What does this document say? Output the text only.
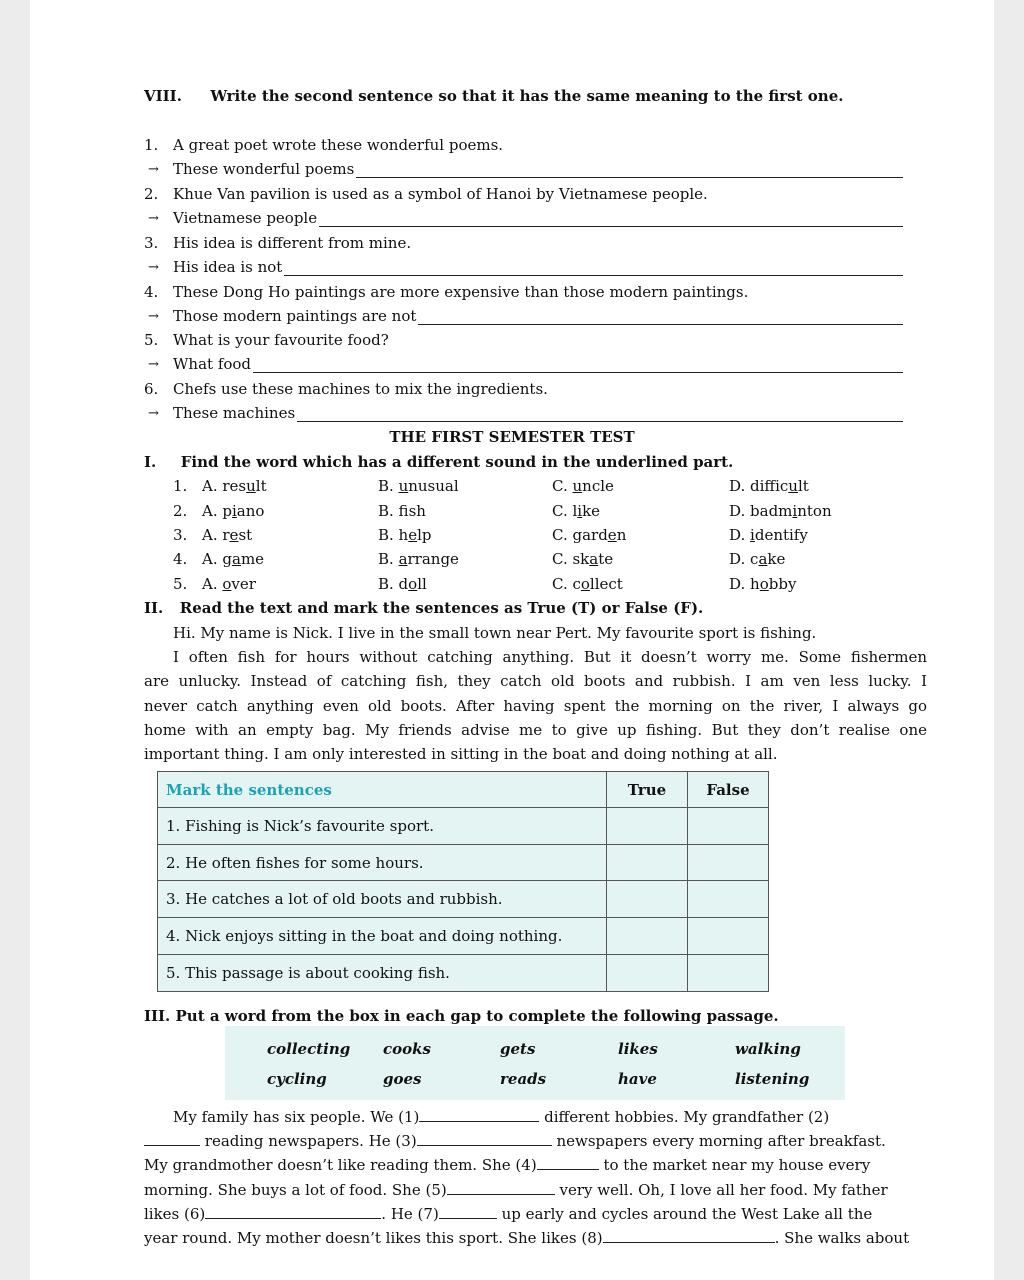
VIII. Write the second sentence so that it has the same meaning to the first one.
1. A great poet wrote these wonderful poems.
→ These wonderful poems
2. Khue Van pavilion is used as a symbol of Hanoi by Vietnamese people.
→ Vietnamese people
3. His idea is different from mine.
→ His idea is not
4. These Dong Ho paintings are more expensive than those modern paintings.
→ Those modern paintings are not
5. What is your favourite food?
→ What food
6. Chefs use these machines to mix the ingredients.
→ These machines
THE FIRST SEMESTER TEST
I. Find the word which has a different sound in the underlined part.
1. A. result	B. unusual	C. uncle	D. difficult
2. A. piano	B. fsh	C. like	D. badminton
3. A. rest	B. help	C. garden	D. identify
4. A. game	B. arrange	C. skate	D. cake
5. A. over	B. doll	C. collect	D. hobby
II. Read the text and mark the sentences as True (T) or False (F).
Hi. My name is Nick. I live in the small town near Pert. My favourite sport is fishing.
I often fish for hours without catching anything. But it doesn’t worry me. Some fishermen
are unlucky. Instead of catching fish, they catch old boots and rubbish. I am ven less lucky. I
never catch anything even old boots. After having spent the morning on the river, I always go
home with an empty bag. My friends advise me to give up fishing. But they don’t realise one
important thing. I am only interested in sitting in the boat and doing nothing at all.
Mark the sentences	True	False
1. Fishing is Nick’s favourite sport.		
2. He often fishes for some hours.		
3. He catches a lot of old boots and rubbish.		
4. Nick enjoys sitting in the boat and doing nothing.		
5. This passage is about cooking fish.		
III. Put a word from the box in each gap to complete the following passage.
collecting cooks	gets	likes	walking
cycling	goes	reads	have	listening
My family has six people. We (1)	different hobbies. My grandfather (2)
reading newspapers. He (3)	newspapers every morning after breakfast.
My grandmother doesn’t like reading them. She (4)	to the market near my house every
morning. She buys a lot of food. She (5)	very well. Oh, I love all her food. My father
likes (6)	. He (7)	up early and cycles around the West Lake all the
year round. My mother doesn’t likes this sport. She likes (8)	. She walks about
